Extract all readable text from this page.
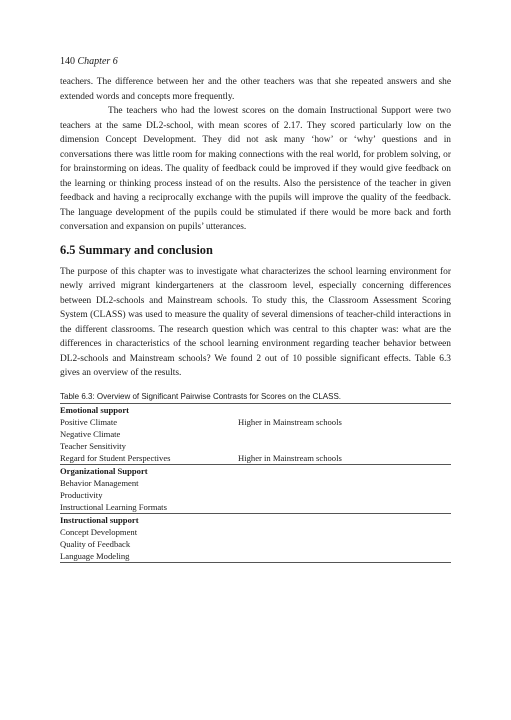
140 Chapter 6

teachers. The difference between her and the other teachers was that she repeated answers and she extended words and concepts more frequently.

The teachers who had the lowest scores on the domain Instructional Support were two teachers at the same DL2-school, with mean scores of 2.17. They scored particularly low on the dimension Concept Development. They did not ask many ‘how’ or ‘why’ questions and in conversations there was little room for making connections with the real world, for problem solving, or for brainstorming on ideas. The quality of feedback could be improved if they would give feedback on the learning or thinking process instead of on the results. Also the persistence of the teacher in given feedback and having a reciprocally exchange with the pupils will improve the quality of the feedback. The language development of the pupils could be stimulated if there would be more back and forth conversation and expansion on pupils’ utterances.

6.5 Summary and conclusion

The purpose of this chapter was to investigate what characterizes the school learning environment for newly arrived migrant kindergarteners at the classroom level, especially concerning differences between DL2-schools and Mainstream schools. To study this, the Classroom Assessment Scoring System (CLASS) was used to measure the quality of several dimensions of teacher-child interactions in the different classrooms. The research question which was central to this chapter was: what are the differences in characteristics of the school learning environment regarding teacher behavior between DL2-schools and Mainstream schools? We found 2 out of 10 possible significant effects. Table 6.3 gives an overview of the results.

Table 6.3: Overview of Significant Pairwise Contrasts for Scores on the CLASS.
Emotional support	
Positive Climate	Higher in Mainstream schools
Negative Climate	
Teacher Sensitivity	
Regard for Student Perspectives	Higher in Mainstream schools
Organizational Support	
Behavior Management	
Productivity	
Instructional Learning Formats	
Instructional support	
Concept Development	
Quality of Feedback	
Language Modeling	
